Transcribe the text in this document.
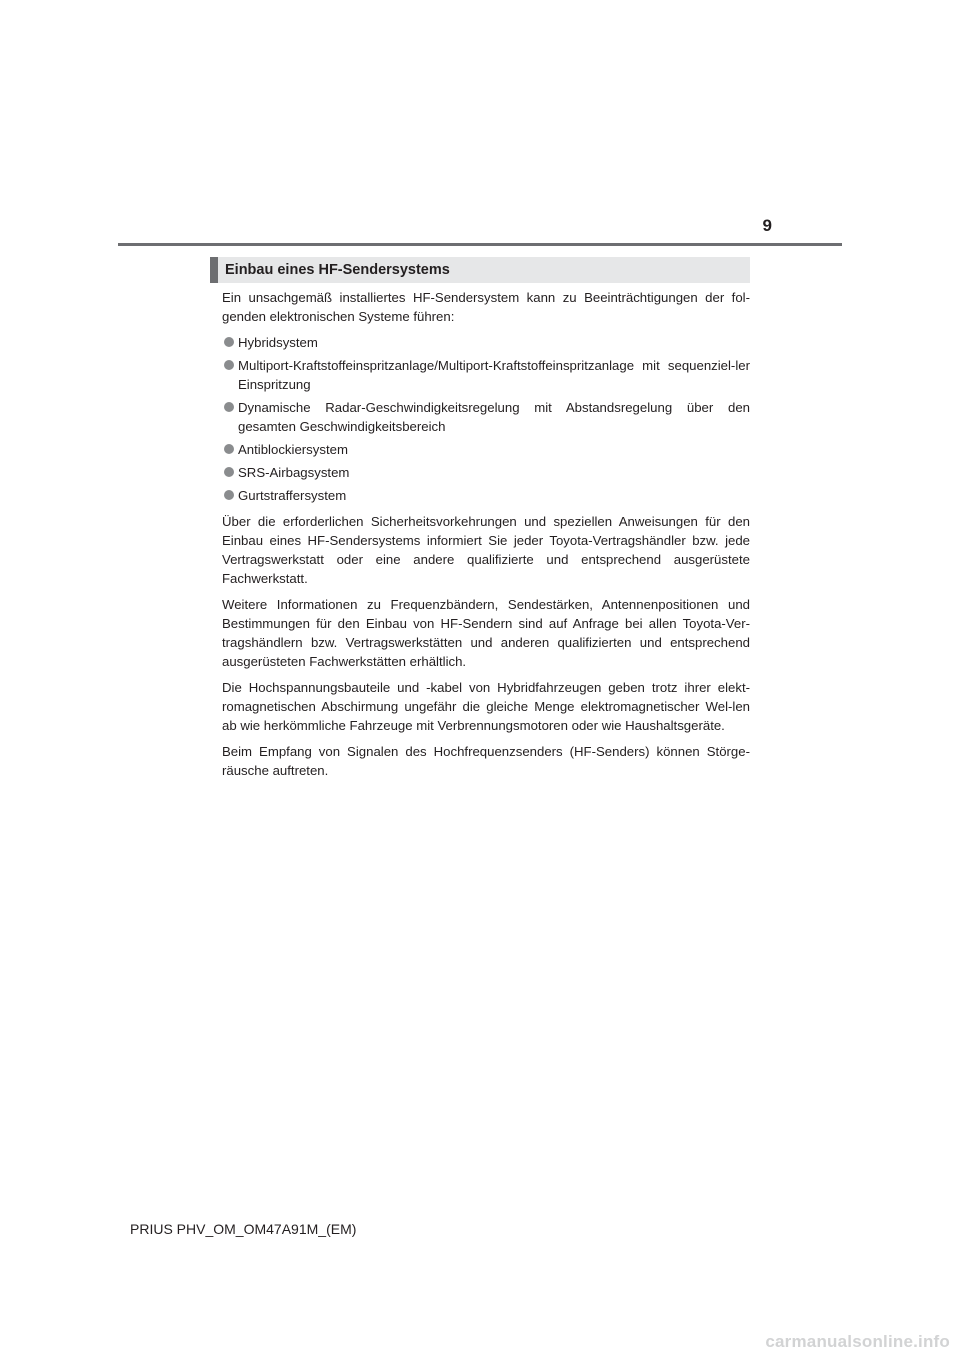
9
Einbau eines HF-Sendersystems

Ein unsachgemäß installiertes HF-Sendersystem kann zu Beeinträchtigungen der fol-genden elektronischen Systeme führen:

Hybridsystem
Multiport-Kraftstoffeinspritzanlage/Multiport-Kraftstoffeinspritzanlage mit sequenziel-ler Einspritzung
Dynamische Radar-Geschwindigkeitsregelung mit Abstandsregelung über den gesamten Geschwindigkeitsbereich
Antiblockiersystem
SRS-Airbagsystem
Gurtstraffersystem

Über die erforderlichen Sicherheitsvorkehrungen und speziellen Anweisungen für den Einbau eines HF-Sendersystems informiert Sie jeder Toyota-Vertragshändler bzw. jede Vertragswerkstatt oder eine andere qualifizierte und entsprechend ausgerüstete Fachwerkstatt.

Weitere Informationen zu Frequenzbändern, Sendestärken, Antennenpositionen und Bestimmungen für den Einbau von HF-Sendern sind auf Anfrage bei allen Toyota-Ver-tragshändlern bzw. Vertragswerkstätten und anderen qualifizierten und entsprechend ausgerüsteten Fachwerkstätten erhältlich.

Die Hochspannungsbauteile und -kabel von Hybridfahrzeugen geben trotz ihrer elekt-romagnetischen Abschirmung ungefähr die gleiche Menge elektromagnetischer Wel-len ab wie herkömmliche Fahrzeuge mit Verbrennungsmotoren oder wie Haushaltsgeräte.

Beim Empfang von Signalen des Hochfrequenzsenders (HF-Senders) können Störge-räusche auftreten.

PRIUS PHV_OM_OM47A91M_(EM)
carmanualsonline.info
